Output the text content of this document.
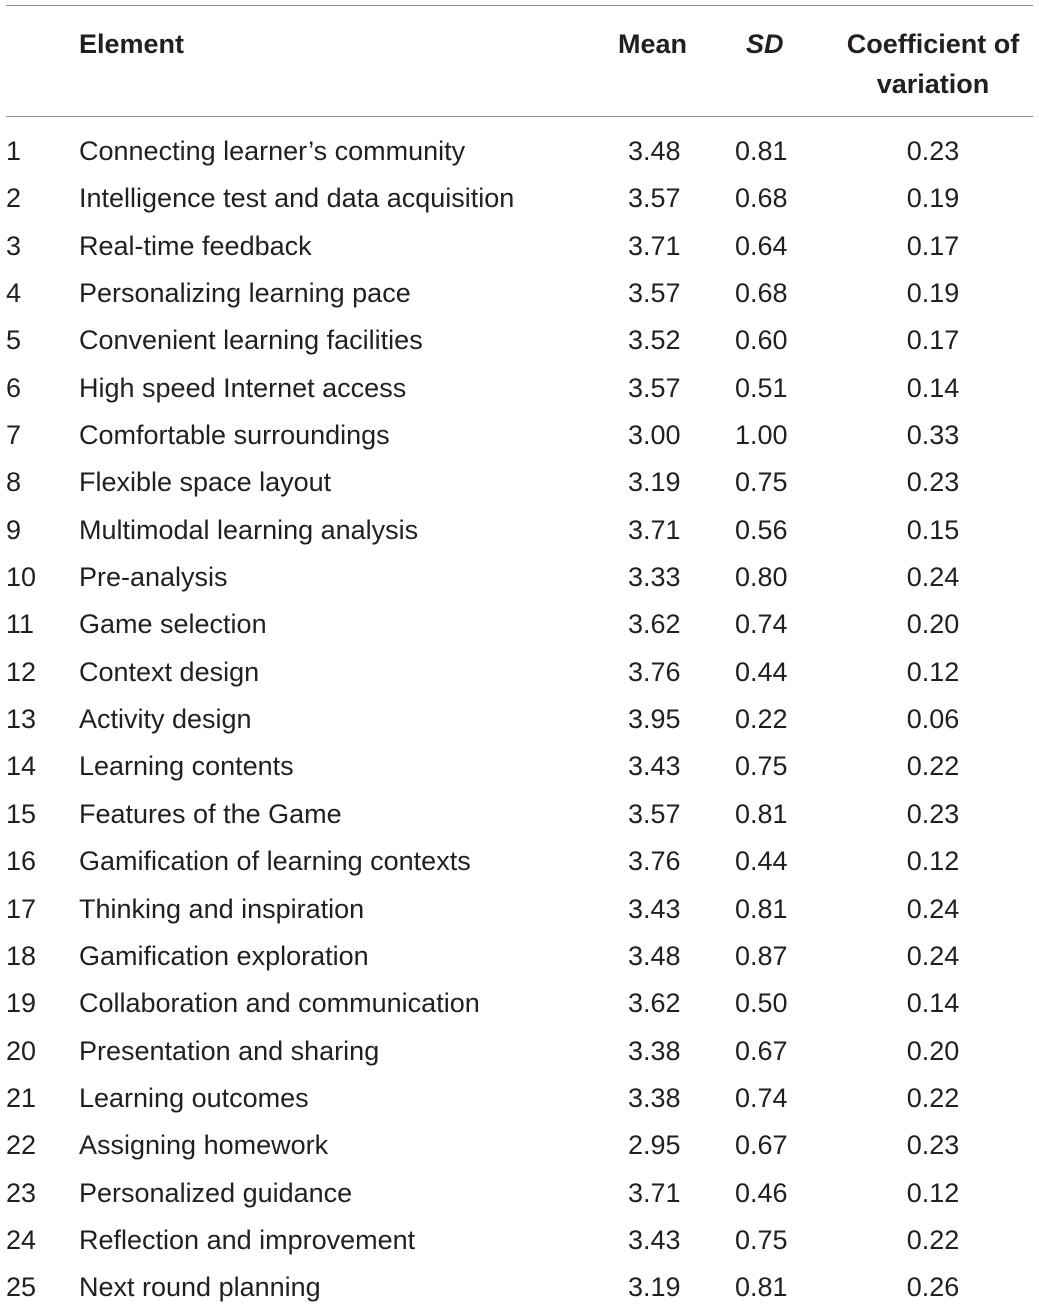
Element	Mean SD	Coefficient of
variation
1 Connecting learner’s community	3.48 0.81	0.23
2 Intelligence test and data acquisition	3.57 0.68	0.19
3 Real-time feedback	3.71 0.64	0.17
4 Personalizing learning pace	3.57 0.68	0.19
5 Convenient learning facilities	3.52 0.60	0.17
6 High speed Internet access	3.57 0.51	0.14
7 Comfortable surroundings	3.00 1.00	0.33
8 Flexible space layout	3.19 0.75	0.23
9 Multimodal learning analysis	3.71 0.56	0.15
10 Pre-analysis	3.33 0.80	0.24
11 Game selection	3.62 0.74	0.20
12 Context design	3.76 0.44	0.12
13 Activity design	3.95 0.22	0.06
14 Learning contents	3.43 0.75	0.22
15 Features of the Game	3.57 0.81	0.23
16 Gamification of learning contexts	3.76 0.44	0.12
17 Thinking and inspiration	3.43 0.81	0.24
18 Gamification exploration	3.48 0.87	0.24
19 Collaboration and communication	3.62 0.50	0.14
20 Presentation and sharing	3.38 0.67	0.20
21 Learning outcomes	3.38 0.74	0.22
22 Assigning homework	2.95 0.67	0.23
23 Personalized guidance	3.71 0.46	0.12
24 Reflection and improvement	3.43 0.75	0.22
25 Next round planning	3.19 0.81	0.26
